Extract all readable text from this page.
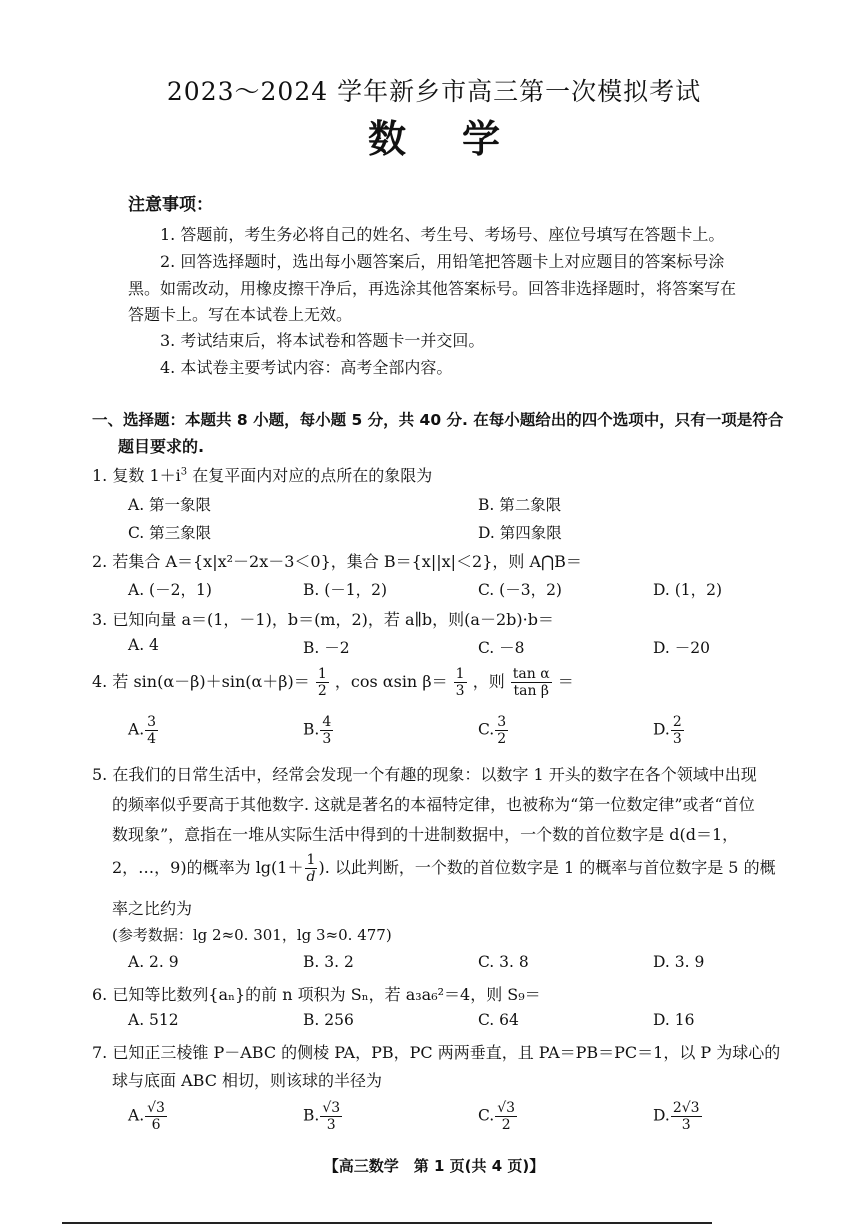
2023～2024 学年新乡市高三第一次模拟考试
数学
注意事项：
1. 答题前，考生务必将自己的姓名、考生号、考场号、座位号填写在答题卡上。
2. 回答选择题时，选出每小题答案后，用铅笔把答题卡上对应题目的答案标号涂
黑。如需改动，用橡皮擦干净后，再选涂其他答案标号。回答非选择题时，将答案写在
答题卡上。写在本试卷上无效。
3. 考试结束后，将本试卷和答题卡一并交回。
4. 本试卷主要考试内容：高考全部内容。
一、选择题：本题共 8 小题，每小题 5 分，共 40 分. 在每小题给出的四个选项中，只有一项是符合
题目要求的.
1. 复数 $1+i^3$ 在复平面内对应的点所在的象限为
A. 第一象限	B. 第二象限
C. 第三象限	D. 第四象限
2. 若集合 A＝{x|x²－2x－3＜0}，集合 B＝{x||x|＜2}，则 A⋂B＝
A. (－2，1)	B. (－1，2)	C. (－3，2)	D. (1，2)
3. 已知向量 a＝(1，－1)，b＝(m，2)，若 a∥b，则(a－2b)·b＝
A. 4	B. －2	C. －8	D. －20
4. 若 $\sin(\alpha-\beta)+\sin(\alpha+\beta)= \frac{1}{2}$ ，cos αsin $\beta= \frac{1}{3}$ ，则 $\frac{\text{tan α}}{\text{tan β}}$ ＝
A. $\frac{3}{4}$	B. $\frac{4}{3}$	C. $\frac{3}{2}$	D. $\frac{2}{3}$
5. 在我们的日常生活中，经常会发现一个有趣的现象：以数字 1 开头的数字在各个领域中出现
的频率似乎要高于其他数字. 这就是著名的本福特定律，也被称为“第一位数定律”或者“首位
数现象”，意指在一堆从实际生活中得到的十进制数据中，一个数的首位数字是 d(d＝1，
2，…，9)的概率为 $\lg(1+ \frac{1}{d}$ ). 以此判断，一个数的首位数字是 1 的概率与首位数字是 5 的概
率之比约为
(参考数据：lg 2≈0. 301，lg 3≈0. 477)
A. 2. 9	B. 3. 2	C. 3. 8	D. 3. 9
6. 已知等比数列{aₙ}的前 n 项积为 Sₙ，若 a₃a₆²＝4，则 S₉＝
A. 512	B. 256	C. 64	D. 16
7. 已知正三棱锥 P－ABC 的侧棱 PA，PB，PC 两两垂直，且 PA＝PB＝PC＝1，以 P 为球心的
球与底面 ABC 相切，则该球的半径为
A. $\frac{√3}{6}$	B. $\frac{√3}{3}$	C. $\frac{√3}{2}$	D. $\frac{2√3}{3}$
【高三数学　第 1 页(共 4 页)】
